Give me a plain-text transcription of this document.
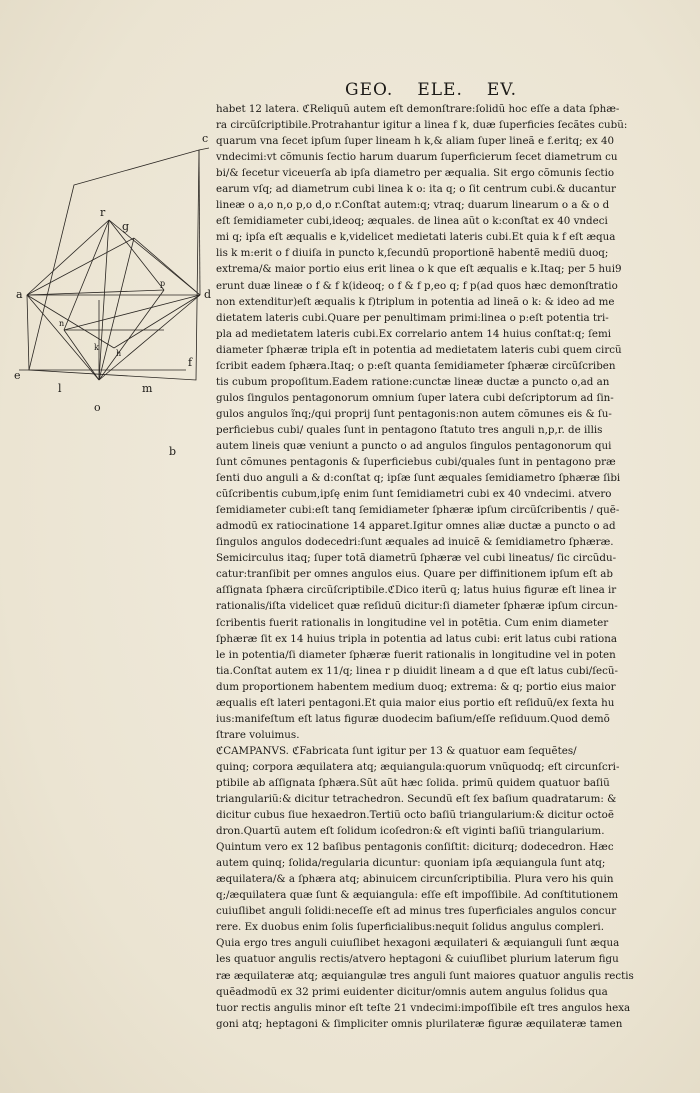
GEO. ELE. EV.
c
r
g
a	d
p
n
k
h
e
l	m
f
o
b
habet 12 latera. ℭReliquũ autem eſt demonſtrare:ſolidũ hoc eſſe a data ſphæ-
ra circũſcriptibile.Protrahantur igitur a linea f k, duæ ſuperficies ſecãtes cubũ:
quarum vna ſecet ipſum ſuper lineam h k,& aliam ſuper lineã e f.eritq; ex 40
vndecimi:vt cõmunis ſectio harum duarum ſuperficierum ſecet diametrum cu
bi/& ſecetur viceuerſa ab ipſa diametro per æqualia. Sit ergo cõmunis ſectio
earum vſq; ad diametrum cubi linea k o: ita q; o ſit centrum cubi.& ducantur
lineæ o a,o n,o p,o d,o r.Conſtat autem:q; vtraq; duarum linearum o a & o d
eſt ſemidiameter cubi,ideoq; æquales. de linea aũt o k:conſtat ex 40 vndeci
mi q; ipſa eſt æqualis e k,videlicet medietati lateris cubi.Et quia k f eſt æqua
lis k m:erit o f diuiſa in puncto k,ſecundũ proportionẽ habentẽ mediũ duoq;
extrema/& maior portio eius erit linea o k que eſt æqualis e k.Itaq; per 5 hui9
erunt duæ lineæ o f & f k(ideoq; o f & f p,eo q; f p(ad quos hæc demonſtratio
non extenditur)eſt æqualis k f)triplum in potentia ad lineã o k: & ideo ad me
dietatem lateris cubi.Quare per penultimam primi:linea o p:eſt potentia tri-
pla ad medietatem lateris cubi.Ex correlario antem 14 huius conſtat:q; ſemi
diameter ſphæræ tripla eſt in potentia ad medietatem lateris cubi quem circũ
ſcribit eadem ſphæra.Itaq; o p:eſt quanta ſemidiameter ſphæræ circũſcriben
tis cubum propoſitum.Eadem ratione:cunctæ lineæ ductæ a puncto o,ad an
gulos ſingulos pentagonorum omnium ſuper latera cubi deſcriptorum ad ſin-
gulos angulos ĩnq;/qui proprij ſunt pentagonis:non autem cõmunes eis & ſu-
perficiebus cubi/ quales ſunt in pentagono ſtatuto tres anguli n,p,r. de illis
autem lineis quæ veniunt a puncto o ad angulos ſingulos pentagonorum qui
ſunt cõmunes pentagonis & ſuperficiebus cubi/quales ſunt in pentagono præ
ſenti duo anguli a & d:conſtat q; ipſæ ſunt æquales ſemidiametro ſphæræ ſibi
cũſcribentis cubum,ipſę enim ſunt ſemidiametri cubi ex 40 vndecimi. atvero
ſemidiameter cubi:eſt tanq ſemidiameter ſphæræ ipſum circũſcribentis / quẽ-
admodũ ex ratiocinatione 14 apparet.Igitur omnes aliæ ductæ a puncto o ad
ſingulos angulos dodecedri:ſunt æquales ad inuicẽ & ſemidiametro ſphæræ.
Semicirculus itaq; ſuper totã diametrũ ſphæræ vel cubi lineatus/ ſic circũdu-
catur:tranſibit per omnes angulos eius. Quare per diffinitionem ipſum eſt ab
aſſignata ſphæra circũſcriptibile.ℭDico iterũ q; latus huius figuræ eſt linea ir
rationalis/iſta videlicet quæ reſiduũ dicitur:ſi diameter ſphæræ ipſum circun-
ſcribentis fuerit rationalis in longitudine vel in potẽtia. Cum enim diameter
ſphæræ ſit ex 14 huius tripla in potentia ad latus cubi: erit latus cubi rationa
le in potentia/ſi diameter ſphæræ fuerit rationalis in longitudine vel in poten
tia.Conſtat autem ex 11/q; linea r p diuidit lineam a d que eſt latus cubi/ſecũ-
dum proportionem habentem medium duoq; extrema: & q; portio eius maior
æqualis eſt lateri pentagoni.Et quia maior eius portio eſt reſiduũ/ex ſexta hu
ius:manifeſtum eſt latus figuræ duodecim baſium/eſſe reſiduum.Quod demõ
ſtrare voluimus.
ℭCAMPANVS. ℭFabricata ſunt igitur per 13 & quatuor eam ſequẽtes/
quinq; corpora æquilatera atq; æquiangula:quorum vnũquodq; eſt circunſcri-
ptibile ab aſſignata ſphæra.Sũt aũt hæc ſolida. primũ quidem quatuor baſiũ
triangulariũ:& dicitur tetrachedron. Secundũ eſt ſex baſium quadratarum: &
dicitur cubus ſiue hexaedron.Tertiũ octo baſiũ triangularium:& dicitur octoẽ
dron.Quartũ autem eſt ſolidum icoſedron:& eſt viginti baſiũ triangularium.
Quintum vero ex 12 baſibus pentagonis conſiſtit: diciturq; dodecedron. Hæc
autem quinq; ſolida/regularia dicuntur: quoniam ipſa æquiangula ſunt atq;
æquilatera/& a ſphæra atq; abinuicem circunſcriptibilia. Plura vero his quin
q;/æquilatera quæ ſunt & æquiangula: eſſe eſt impoſſibile. Ad conſtitutionem
cuiuſlibet anguli ſolidi:neceſſe eſt ad minus tres ſuperficiales angulos concur
rere. Ex duobus enim ſolis ſuperficialibus:nequit ſolidus angulus compleri.
Quia ergo tres anguli cuiuſlibet hexagoni æquilateri & æquianguli ſunt æqua
les quatuor angulis rectis/atvero heptagoni & cuiuſlibet plurium laterum figu
ræ æquilateræ atq; æquiangulæ tres anguli ſunt maiores quatuor angulis rectis
quẽadmodũ ex 32 primi euidenter dicitur/omnis autem angulus ſolidus qua
tuor rectis angulis minor eſt teſte 21 vndecimi:impoſſibile eſt tres angulos hexa
goni atq; heptagoni & ſimpliciter omnis plurilateræ figuræ æquilateræ tamen
